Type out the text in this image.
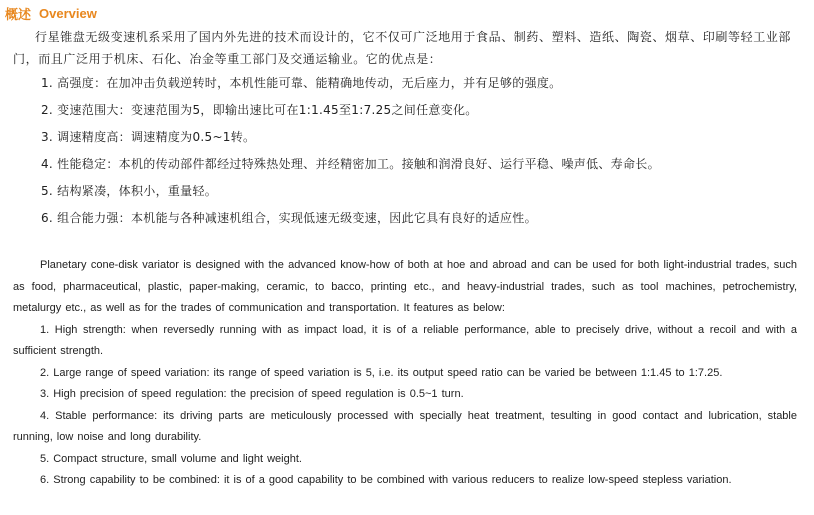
概述 Overview

行星锥盘无级变速机系采用了国内外先进的技术而设计的，它不仅可广泛地用于食品、制药、塑料、造纸、陶瓷、烟草、印刷等轻工业部门，而且广泛用于机床、石化、冶金等重工部门及交通运输业。它的优点是：

1. 高强度：在加冲击负载逆转时，本机性能可靠、能精确地传动，无后座力，并有足够的强度。

2. 变速范围大：变速范围为5，即输出速比可在1:1.45至1:7.25之间任意变化。

3. 调速精度高：调速精度为0.5~1转。

4. 性能稳定：本机的传动部件都经过特殊热处理、并经精密加工。接触和润滑良好、运行平稳、噪声低、寿命长。

5. 结构紧凑，体积小，重量轻。

6. 组合能力强：本机能与各种减速机组合，实现低速无级变速，因此它具有良好的适应性。

Planetary cone-disk variator is designed with the advanced know-how of both at hoe and abroad and can be used for both light-industrial trades, such as food, pharmaceutical, plastic, paper-making, ceramic, to bacco, printing etc., and heavy-industrial trades, such as tool machines, petrochemistry, metalurgy etc., as well as for the trades of communication and transportation. It features as below:

1. High strength: when reversedly running with as impact load, it is of a reliable performance, able to precisely drive, without a recoil and with a sufficient strength.

2. Large range of speed variation: its range of speed variation is 5, i.e. its output speed ratio can be varied be between 1:1.45 to 1:7.25.

3. High precision of speed regulation: the precision of speed regulation is 0.5~1 turn.

4. Stable performance: its driving parts are meticulously processed with specially heat treatment, tesulting in good contact and lubrication, stable running, low noise and long durability.

5. Compact structure, small volume and light weight.

6. Strong capability to be combined: it is of a good capability to be combined with various reducers to realize low-speed stepless variation.
